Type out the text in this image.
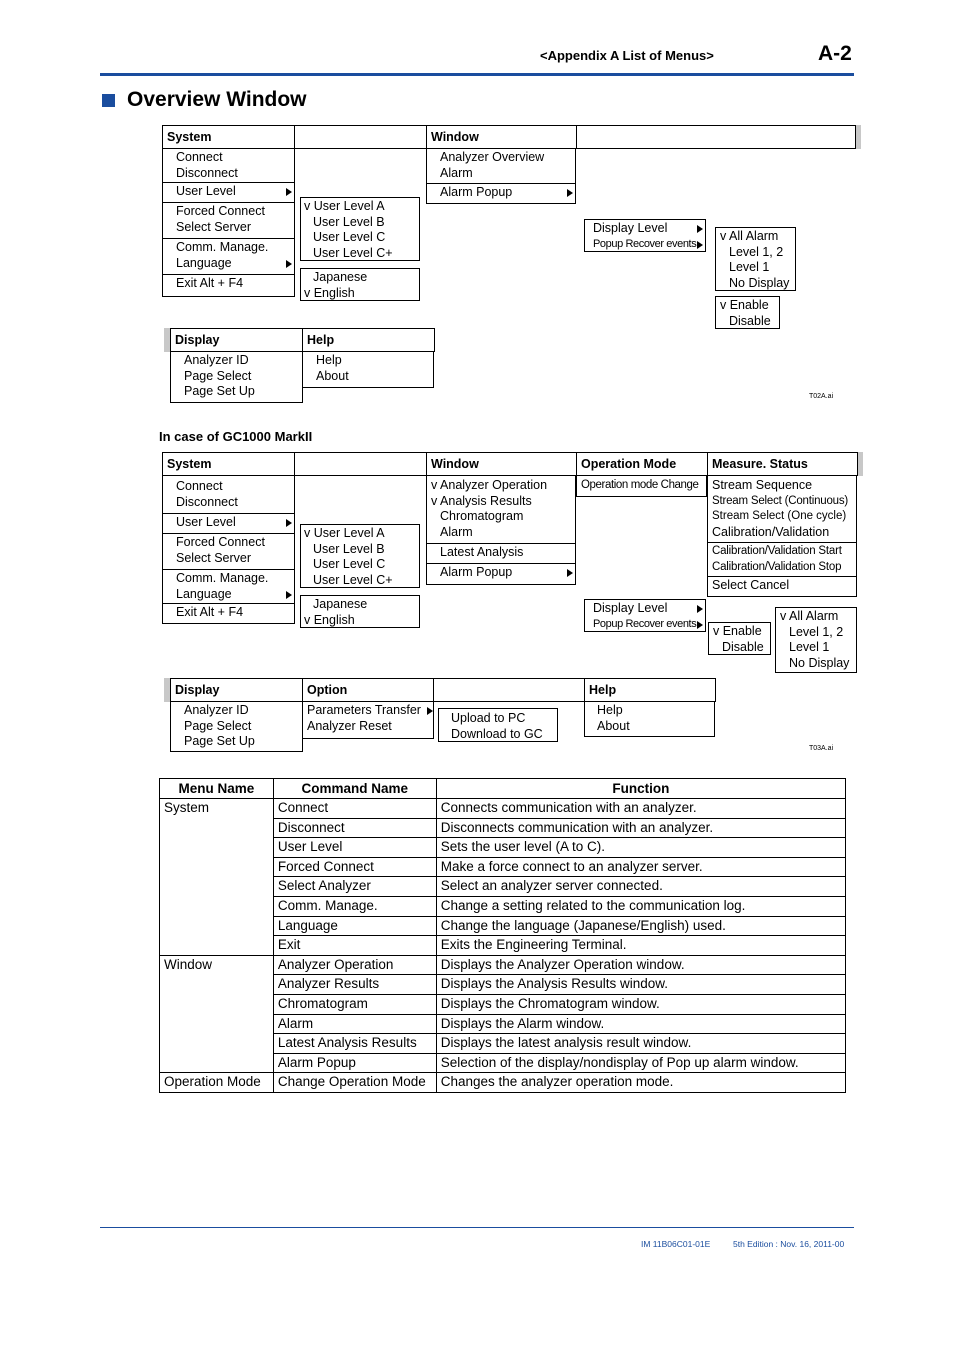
<Appendix A List of Menus>	A-2
Overview Window
System	Window
Connect
Disconnect
User Level
Forced Connect
Select Server
Comm. Manage.
Language
Exit Alt + F4
v User Level A
User Level B
User Level C
User Level C+
Japanese
v English
Analyzer Overview
Alarm
Alarm Popup
Display Level
Popup Recover events
v All Alarm
Level 1, 2
Level 1
No Display
v Enable
Disable
Display	Help
Analyzer ID
Page Select
Page Set Up
Help
About
T02A.ai
In case of GC1000 MarkII
System	Window	Operation Mode	Measure. Status
Connect
Disconnect
User Level
Forced Connect
Select Server
Comm. Manage.
Language
Exit Alt + F4
v User Level A
User Level B
User Level C
User Level C+
Japanese
v English
v Analyzer Operation
v Analysis Results
Chromatogram
Alarm
Latest Analysis
Alarm Popup
Operation mode Change	Stream Sequence
Stream Select (Continuous)
Stream Select (One cycle)
Calibration/Validation
Calibration/Validation Start
Calibration/Validation Stop
Select Cancel
Display Level
Popup Recover events
v Enable
Disable
v All Alarm
Level 1, 2
Level 1
No Display
Display	Option	Help
Analyzer ID
Page Select
Page Set Up
Parameters Transfer
Analyzer Reset
Upload to PC
Download to GC
Help
About
T03A.ai
Menu Name	Command Name	Function
System	Connect	Connects communication with an analyzer.
	Disconnect	Disconnects communication with an analyzer.
	User Level	Sets the user level (A to C).
	Forced Connect	Make a force connect to an analyzer server.
	Select Analyzer	Select an analyzer server connected.
	Comm. Manage.	Change a setting related to the communication log.
	Language	Change the language (Japanese/English) used.
	Exit	Exits the Engineering Terminal.
Window	Analyzer Operation	Displays the Analyzer Operation window.
	Analyzer Results	Displays the Analysis Results window.
	Chromatogram	Displays the Chromatogram window.
	Alarm	Displays the Alarm window.
	Latest Analysis Results	Displays the latest analysis result window.
	Alarm Popup	Selection of the display/nondisplay of Pop up alarm window.
Operation Mode	Change Operation Mode	Changes the analyzer operation mode.
IM 11B06C01-01E	5th Edition : Nov. 16, 2011-00
